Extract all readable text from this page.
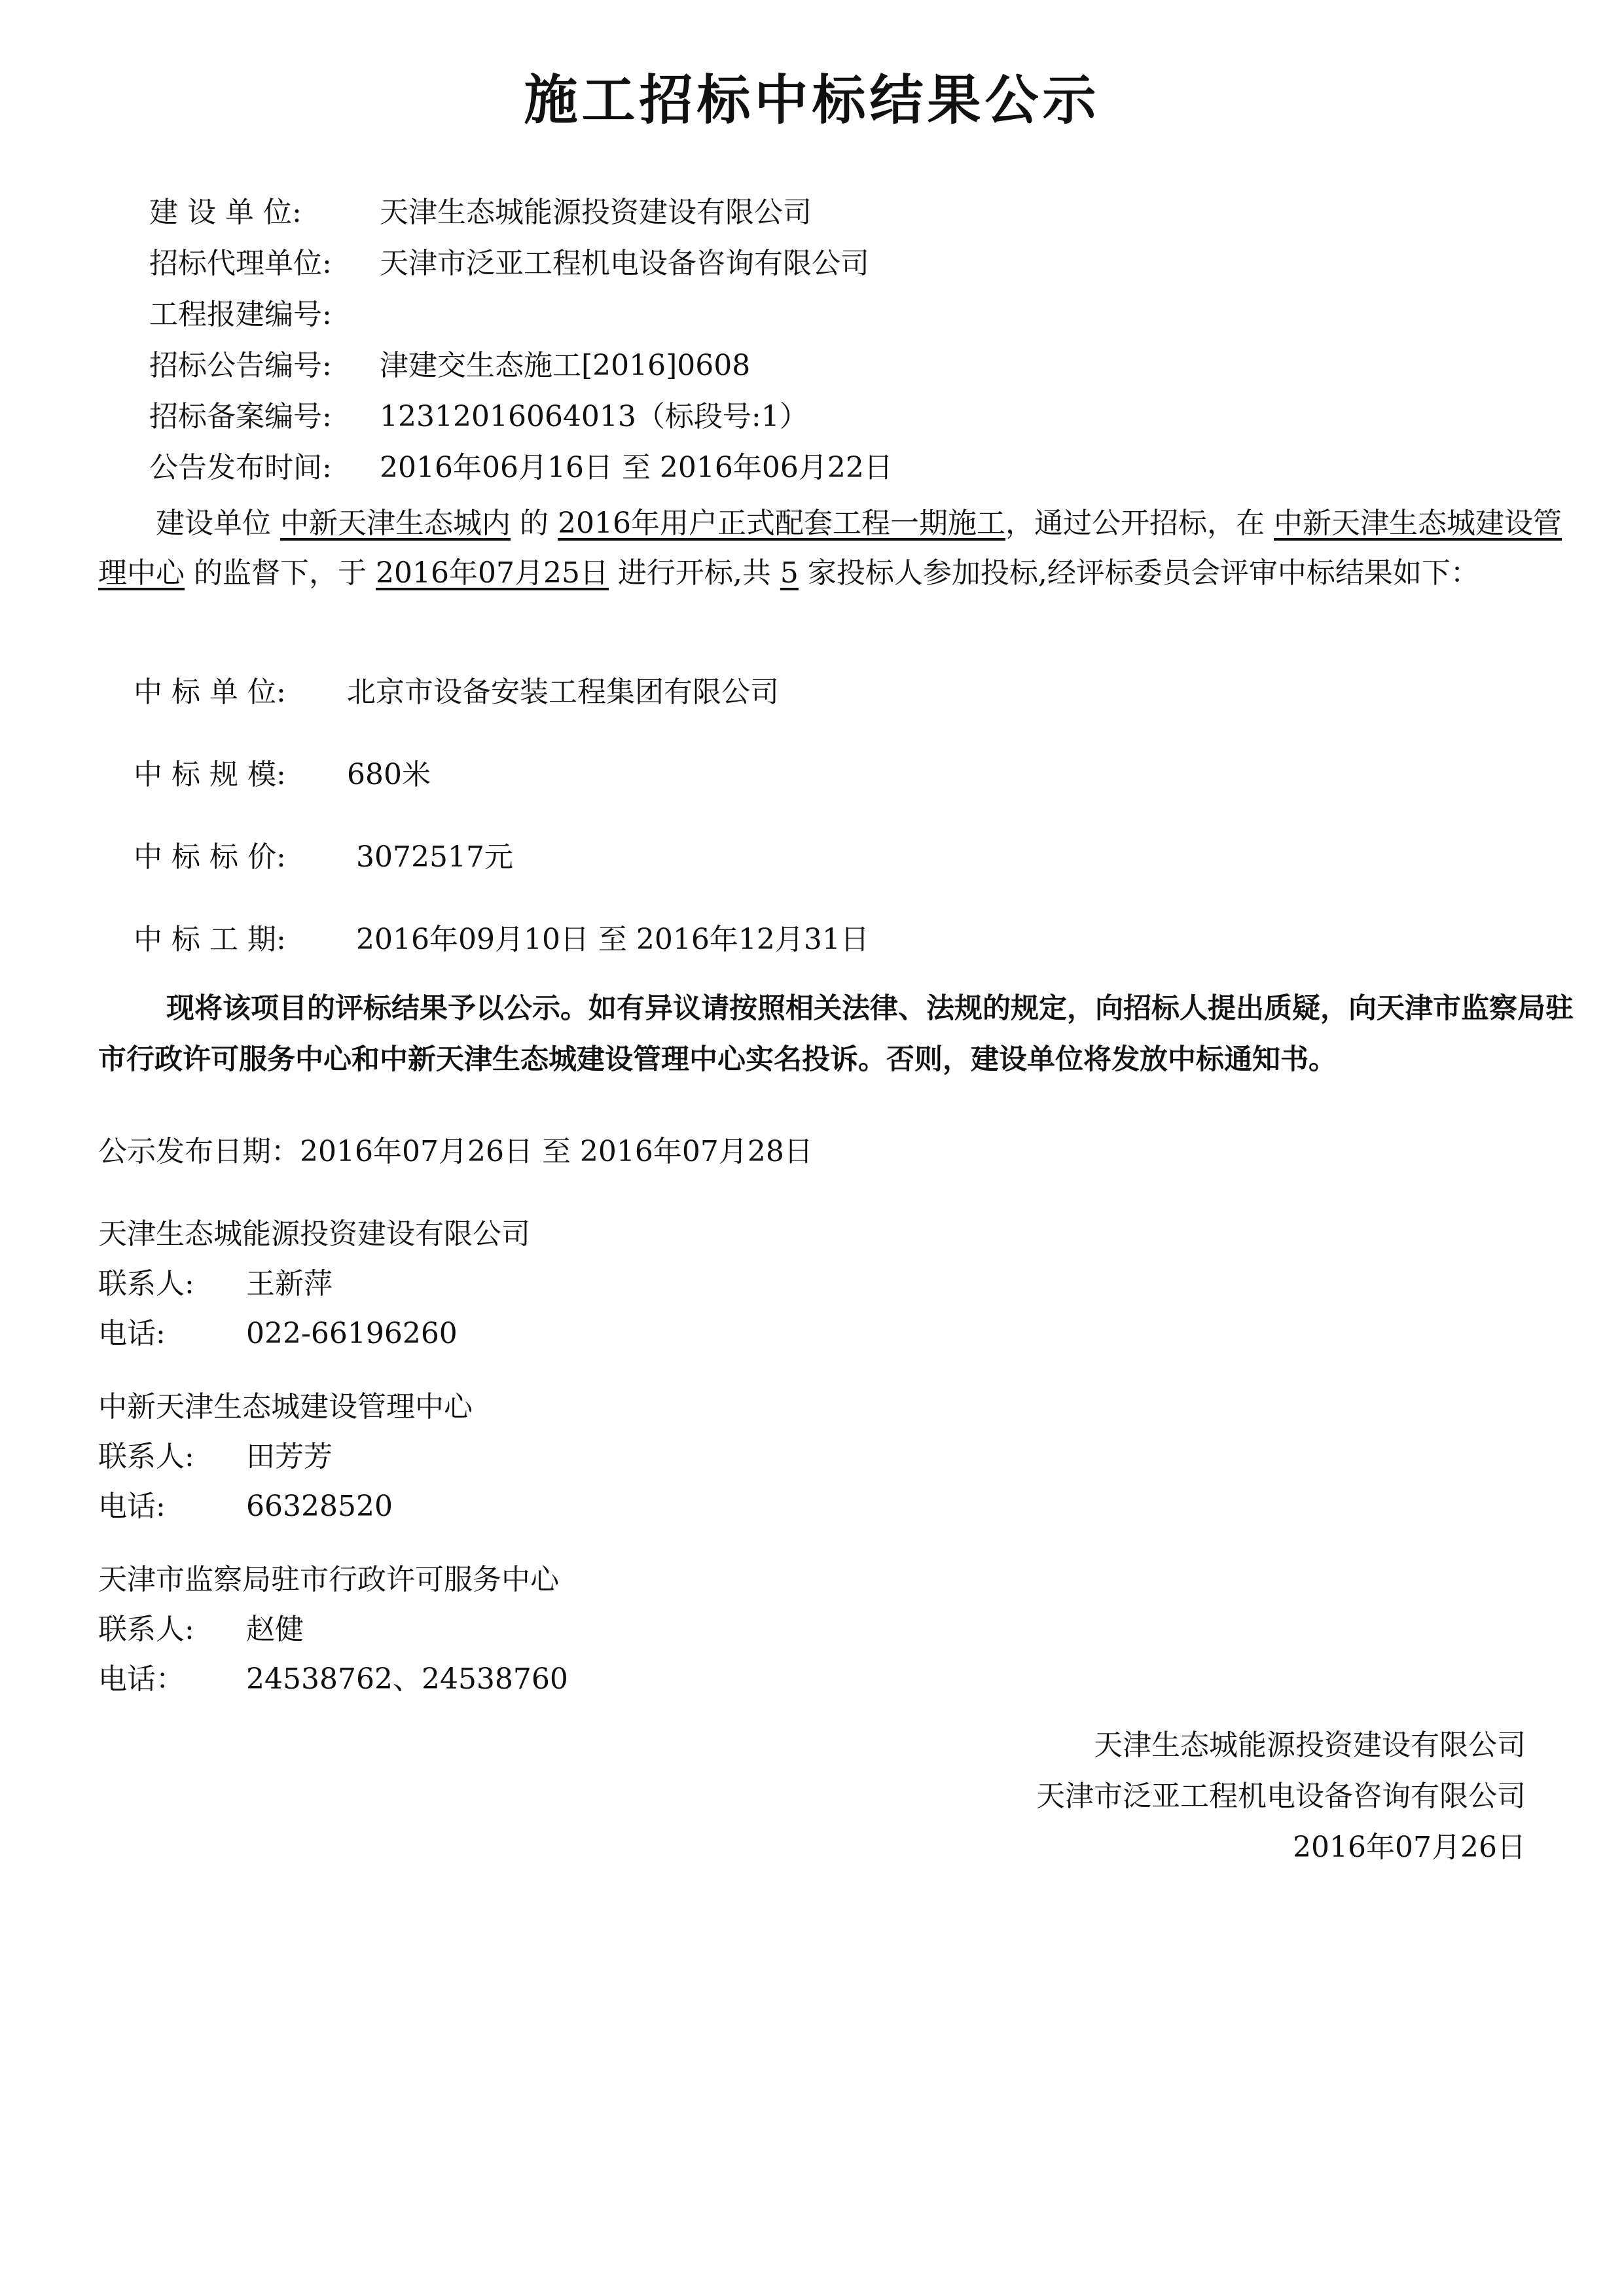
施工招标中标结果公示
建 设 单 位:	天津生态城能源投资建设有限公司
招标代理单位: 天津市泛亚工程机电设备咨询有限公司
工程报建编号:
招标公告编号: 津建交生态施工[2016]0608
招标备案编号: 12312016064013（标段号:1）
公告发布时间: 2016年06月16日 至 2016年06月22日
建设单位 中新天津生态城内 的 2016年用户正式配套工程一期施工，通过公开招标，在 中新天津生态城建设管理中心 的监督下，于 2016年07月25日 进行开标,共 5 家投标人参加投标,经评标委员会评审中标结果如下：
中 标 单 位: 北京市设备安装工程集团有限公司
中 标 规 模: 680米
中 标 标 价: 3072517元
中 标 工 期: 2016年09月10日 至 2016年12月31日
现将该项目的评标结果予以公示。如有异议请按照相关法律、法规的规定，向招标人提出质疑，向天津市监察局驻市行政许可服务中心和中新天津生态城建设管理中心实名投诉。否则，建设单位将发放中标通知书。
公示发布日期：2016年07月26日 至 2016年07月28日
天津生态城能源投资建设有限公司
联系人: 王新萍
电话:	022-66196260
中新天津生态城建设管理中心
联系人: 田芳芳
电话:	66328520
天津市监察局驻市行政许可服务中心
联系人: 赵健
电话： 24538762、24538760
天津生态城能源投资建设有限公司
天津市泛亚工程机电设备咨询有限公司
2016年07月26日
